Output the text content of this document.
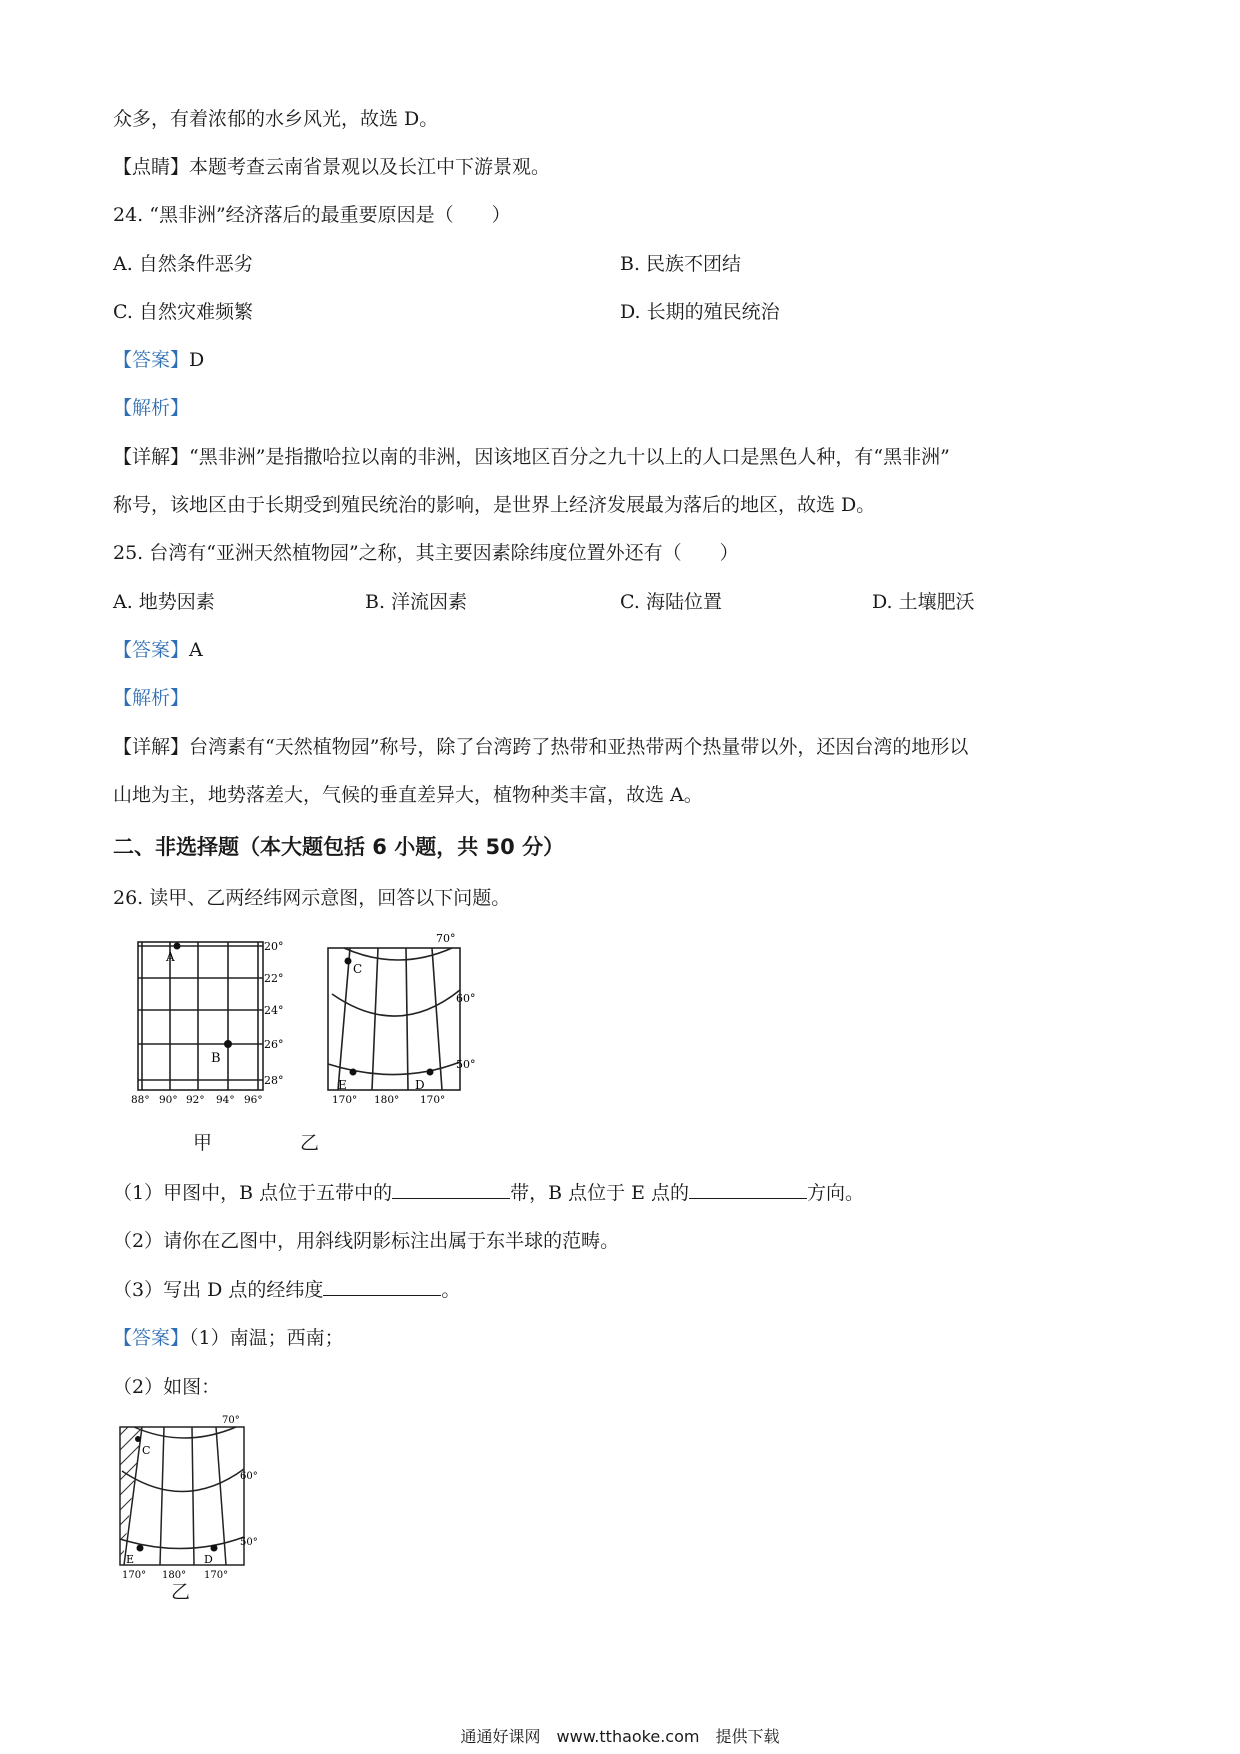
众多，有着浓郁的水乡风光，故选 D。
【点睛】本题考查云南省景观以及长江中下游景观。
24. “黑非洲”经济落后的最重要原因是（　　）
A. 自然条件恶劣	B. 民族不团结
C. 自然灾难频繁	D. 长期的殖民统治
【答案】D
【解析】
【详解】“黑非洲”是指撒哈拉以南的非洲，因该地区百分之九十以上的人口是黑色人种，有“黑非洲”
称号，该地区由于长期受到殖民统治的影响，是世界上经济发展最为落后的地区，故选 D。
25. 台湾有“亚洲天然植物园”之称，其主要因素除纬度位置外还有（　　）
A. 地势因素	B. 洋流因素	C. 海陆位置	D. 土壤肥沃
【答案】A
【解析】
【详解】台湾素有“天然植物园”称号，除了台湾跨了热带和亚热带两个热量带以外，还因台湾的地形以
山地为主，地势落差大，气候的垂直差异大，植物种类丰富，故选 A。
二、非选择题（本大题包括 6 小题，共 50 分）
26. 读甲、乙两经纬网示意图，回答以下问题。
A
B
20°
22°
24°
26°
28°
88° 90° 92° 94° 96°
甲
C
E	D
70°
60°
50°
170° 180° 170°
乙
（1）甲图中，B 点位于五带中的	带，B 点位于 E 点的	方向。
（2）请你在乙图中，用斜线阴影标注出属于东半球的范畴。
（3）写出 D 点的经纬度	。
【答案】（1）南温；西南；
（2）如图：
C
E	D
70°
60°
50°
170° 180° 170°
乙
通通好课网　www.tthaoke.com　提供下载
